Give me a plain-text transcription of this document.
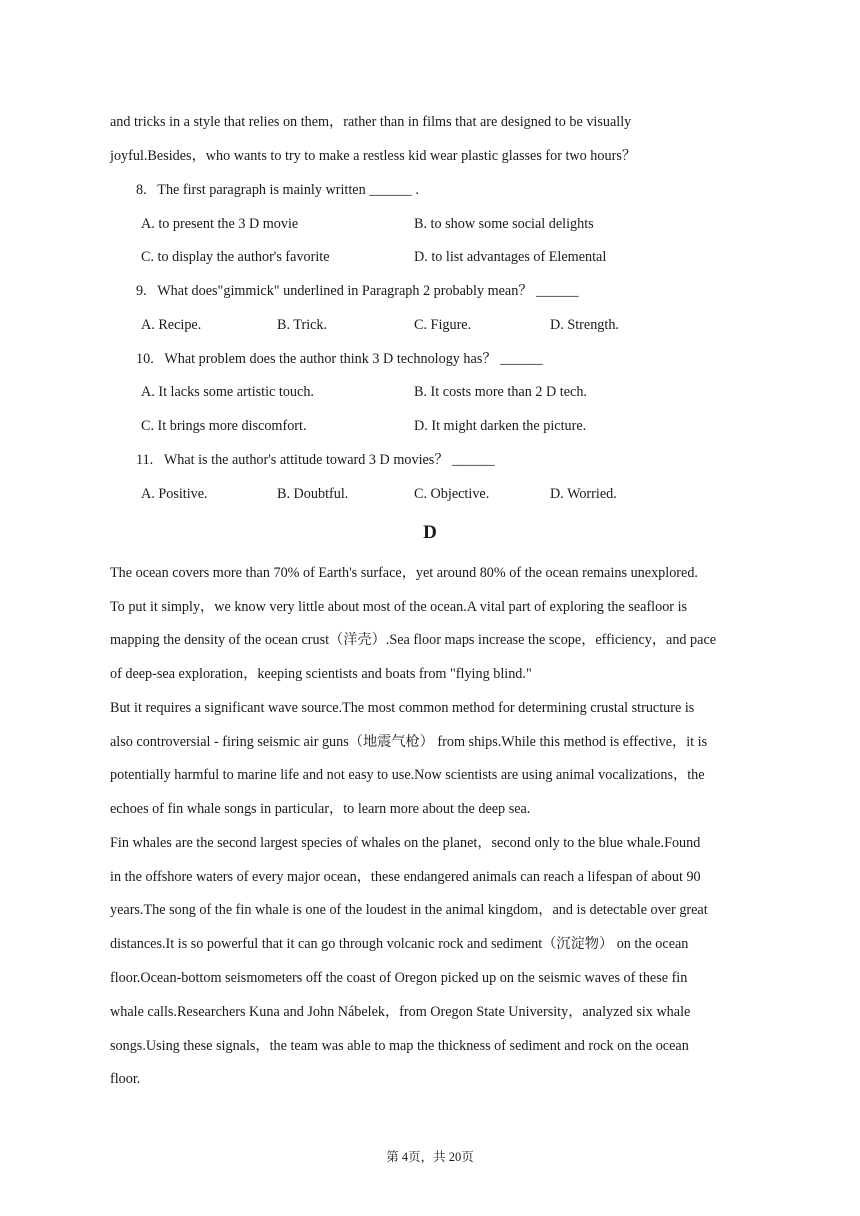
and tricks in a style that relies on them，rather than in films that are designed to be visually
joyful.Besides，who wants to try to make a restless kid wear plastic glasses for two hours？
8.   The first paragraph is mainly written ______ .
A. to present the 3 D movie	B. to show some social delights
C. to display the author's favorite	D. to list advantages of Elemental
9.   What does"gimmick" underlined in Paragraph 2 probably mean？ ______
A. Recipe.	B. Trick.	C. Figure.	D. Strength.
10.   What problem does the author think 3 D technology has？ ______
A. It lacks some artistic touch.	B. It costs more than 2 D tech.
C. It brings more discomfort.	D. It might darken the picture.
11.   What is the author's attitude toward 3 D movies？ ______
A. Positive.	B. Doubtful.	C. Objective.	D. Worried.
D
The ocean covers more than 70% of Earth's surface，yet around 80% of the ocean remains unexplored.
To put it simply，we know very little about most of the ocean.A vital part of exploring the seafloor is
mapping the density of the ocean crust（洋壳）.Sea floor maps increase the scope，efficiency，and pace
of deep-sea exploration，keeping scientists and boats from "flying blind."
But it requires a significant wave source.The most common method for determining crustal structure is
also controversial - firing seismic air guns（地震气枪） from ships.While this method is effective，it is
potentially harmful to marine life and not easy to use.Now scientists are using animal vocalizations，the
echoes of fin whale songs in particular，to learn more about the deep sea.
Fin whales are the second largest species of whales on the planet，second only to the blue whale.Found
in the offshore waters of every major ocean，these endangered animals can reach a lifespan of about 90
years.The song of the fin whale is one of the loudest in the animal kingdom，and is detectable over great
distances.It is so powerful that it can go through volcanic rock and sediment（沉淀物） on the ocean
floor.Ocean-bottom seismometers off the coast of Oregon picked up on the seismic waves of these fin
whale calls.Researchers Kuna and John Nábelek，from Oregon State University，analyzed six whale
songs.Using these signals，the team was able to map the thickness of sediment and rock on the ocean
floor.
第 4页，共 20页
